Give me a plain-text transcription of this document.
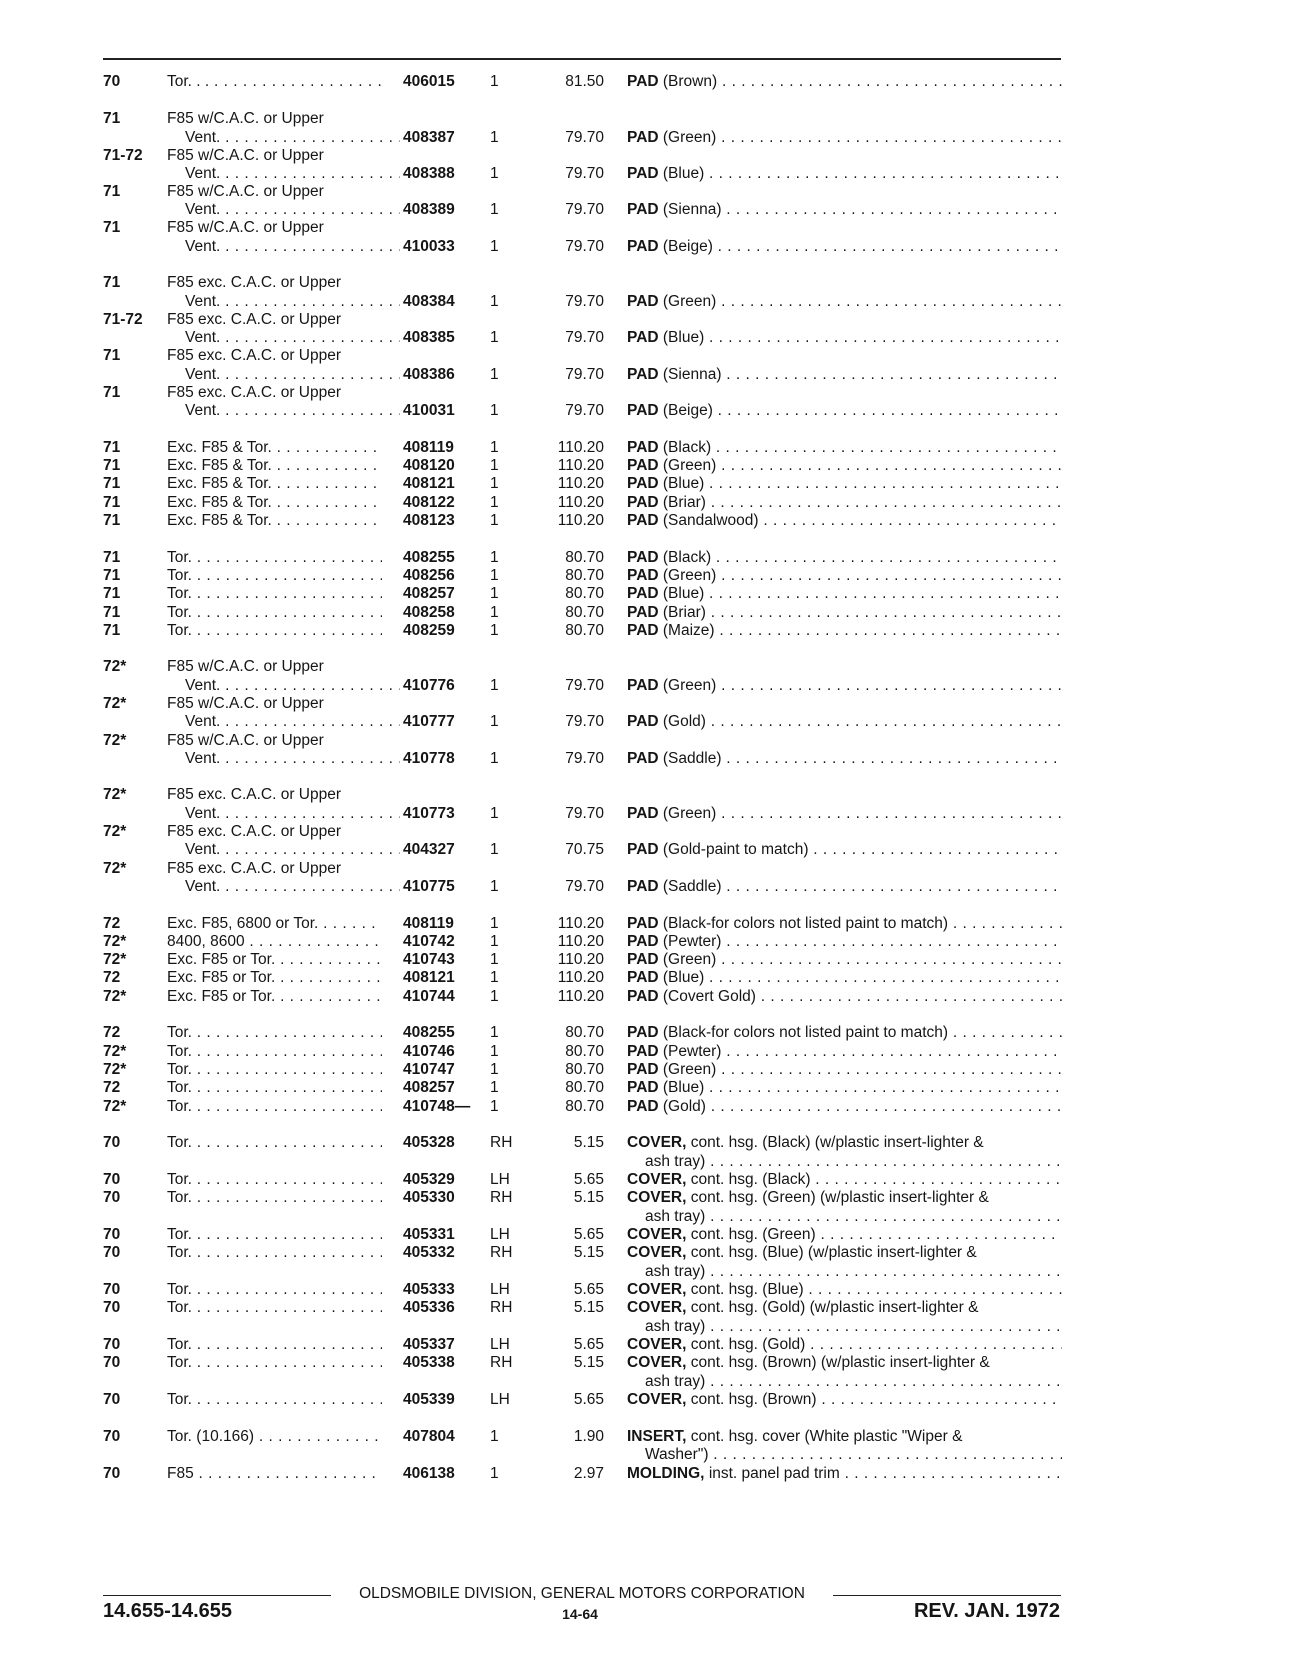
70	Tor. . . . . .	406015	1	81.50 PAD (Brown) . . .
71	F85 w/C.A.C. or Upper
Vent. . . .	408387	1	79.70 PAD (Green) . . .
71-72	F85 w/C.A.C. or Upper
Vent. . . .	408388	1	79.70 PAD (Blue) . . .
71	F85 w/C.A.C. or Upper
Vent. . . .	408389	1	79.70 PAD (Sienna) . . .
71	F85 w/C.A.C. or Upper
Vent. . . .	410033	1	79.70 PAD (Beige) . . .
71	F85 exc. C.A.C. or Upper
Vent. . . .	408384	1	79.70 PAD (Green) . . .
71-72	F85 exc. C.A.C. or Upper
Vent. . . .	408385	1	79.70 PAD (Blue) . . .
71	F85 exc. C.A.C. or Upper
Vent. . . .	408386	1	79.70 PAD (Sienna) . . .
71	F85 exc. C.A.C. or Upper
Vent. . . .	410031	1	79.70 PAD (Beige) . . .
71	Exc. F85 & Tor. . . .	408119	1	110.20 PAD (Black) . . .
71	Exc. F85 & Tor. . . .	408120	1	110.20 PAD (Green) . . .
71	Exc. F85 & Tor. . . .	408121	1	110.20 PAD (Blue) . . .
71	Exc. F85 & Tor. . . .	408122	1	110.20 PAD (Briar) . . .
71	Exc. F85 & Tor. . . .	408123	1	110.20 PAD (Sandalwood) . . .
71	Tor. . . .	408255	1	80.70 PAD (Black) . . .
71	Tor. . . .	408256	1	80.70 PAD (Green) . . .
71	Tor. . . .	408257	1	80.70 PAD (Blue) . . .
71	Tor. . . .	408258	1	80.70 PAD (Briar) . . .
71	Tor. . . .	408259	1	80.70 PAD (Maize) . . .
72*	F85 w/C.A.C. or Upper
Vent. . . .	410776	1	79.70 PAD (Green) . . .
72*	F85 w/C.A.C. or Upper
Vent. . . .	410777	1	79.70 PAD (Gold) . . .
72*	F85 w/C.A.C. or Upper
Vent. . . .	410778	1	79.70 PAD (Saddle) . . .
72*	F85 exc. C.A.C. or Upper
Vent. . . .	410773	1	79.70 PAD (Green) . . .
72*	F85 exc. C.A.C. or Upper
Vent. . . .	404327	1	70.75 PAD (Gold-paint to match) . . .
72*	F85 exc. C.A.C. or Upper
Vent. . . .	410775	1	79.70 PAD (Saddle) . . .
72	Exc. F85, 6800 or Tor. . . .	408119	1	110.20 PAD (Black-for colors not listed paint to match) . . .
72*	8400, 8600 . . .	410742	1	110.20 PAD (Pewter) . . .
72*	Exc. F85 or Tor. . . .	410743	1	110.20 PAD (Green) . . .
72	Exc. F85 or Tor. . . .	408121	1	110.20 PAD (Blue) . . .
72*	Exc. F85 or Tor. . . .	410744	1	110.20 PAD (Covert Gold) . . .
72	Tor. . . .	408255	1	80.70 PAD (Black-for colors not listed paint to match) . . .
72*	Tor. . . .	410746	1	80.70 PAD (Pewter) . . .
72*	Tor. . . .	410747	1	80.70 PAD (Green) . . .
72	Tor. . . .	408257	1	80.70 PAD (Blue) . . .
72*	Tor. . . .	410748— 1	80.70 PAD (Gold) . . .
70	Tor. . . .	405328	RH	5.15 COVER, cont. hsg. (Black) (w/plastic insert-lighter &
ash tray) . . .
70	Tor. . . .	405329	LH	5.65 COVER, cont. hsg. (Black) . . .
70	Tor. . . .	405330	RH	5.15 COVER, cont. hsg. (Green) (w/plastic insert-lighter &
ash tray) . . .
70	Tor. . . .	405331	LH	5.65 COVER, cont. hsg. (Green) . . .
70	Tor. . . .	405332	RH	5.15 COVER, cont. hsg. (Blue) (w/plastic insert-lighter &
ash tray) . . .
70	Tor. . . .	405333	LH	5.65 COVER, cont. hsg. (Blue) . . .
70	Tor. . . .	405336	RH	5.15 COVER, cont. hsg. (Gold) (w/plastic insert-lighter &
ash tray) . . .
70	Tor. . . .	405337	LH	5.65 COVER, cont. hsg. (Gold) . . .
70	Tor. . . .	405338	RH	5.15 COVER, cont. hsg. (Brown) (w/plastic insert-lighter &
ash tray) . . .
70	Tor. . . .	405339	LH	5.65 COVER, cont. hsg. (Brown) . . .
70	Tor. (10.166) . . .	407804	1	1.90 INSERT, cont. hsg. cover (White plastic "Wiper &
Washer") . . .
70	F85 . . .	406138	1	2.97 MOLDING, inst. panel pad trim . . .
OLDSMOBILE DIVISION, GENERAL MOTORS CORPORATION
14.655-14.655	14-64	REV. JAN. 1972
